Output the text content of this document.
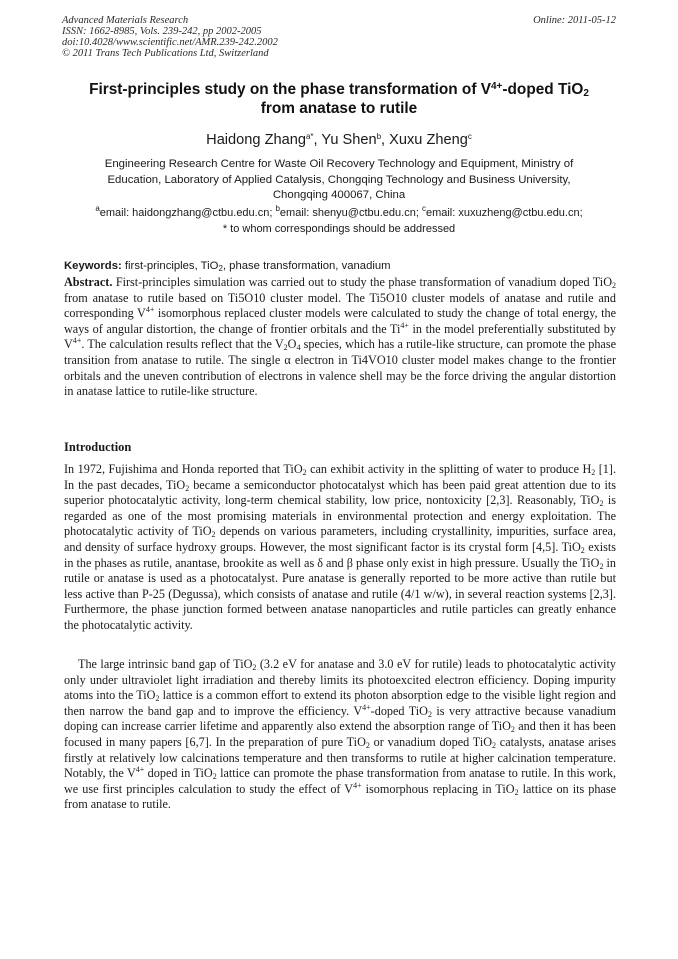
Advanced Materials Research
ISSN: 1662-8985, Vols. 239-242, pp 2002-2005
doi:10.4028/www.scientific.net/AMR.239-242.2002
© 2011 Trans Tech Publications Ltd, Switzerland
Online: 2011-05-12
First-principles study on the phase transformation of $V^{4+}$-doped TiO$_2$
from anatase to rutile
Haidong Zhang$^{a*}$, Yu Shen$^b$, Xuxu Zheng$^c$
Engineering Research Centre for Waste Oil Recovery Technology and Equipment, Ministry of
Education, Laboratory of Applied Catalysis, Chongqing Technology and Business University,
Chongqing 400067, China
$^a$email: haidongzhang@ctbu.edu.cn; $^b$email: shenyu@ctbu.edu.cn; $^c$email: xuxuzheng@ctbu.edu.cn;
* to whom correspondings should be addressed
Keywords: first-principles, TiO$_2$, phase transformation, vanadium

Abstract. First-principles simulation was carried out to study the phase transformation of vanadium doped TiO$_2$ from anatase to rutile based on Ti5O10 cluster model. The Ti5O10 cluster models of anatase and rutile and corresponding $V^{4+}$ isomorphous replaced cluster models were calculated to study the change of total energy, the ways of angular distortion, the change of frontier orbitals and the $Ti^{4+}$ in the model preferentially substituted by $V^{4+}$. The calculation results reflect that the $V_2O_4$ species, which has a rutile-like structure, can promote the phase transition from anatase to rutile. The single α electron in Ti4VO10 cluster model makes change to the frontier orbitals and the uneven contribution of electrons in valence shell may be the force driving the angular distortion in anatase lattice to rutile-like structure.

Introduction

In 1972, Fujishima and Honda reported that TiO$_2$ can exhibit activity in the splitting of water to produce $H_2$ [1]. In the past decades, TiO$_2$ became a semiconductor photocatalyst which has been paid great attention due to its superior photocatalytic activity, long-term chemical stability, low price, nontoxicity [2,3]. Reasonably, TiO$_2$ is regarded as one of the most promising materials in environmental protection and energy exploitation. The photocatalytic activity of TiO$_2$ depends on various parameters, including crystallinity, impurities, surface area, and density of surface hydroxy groups. However, the most significant factor is its crystal form [4,5]. TiO$_2$ exists in the phases as rutile, anantase, brookite as well as δ and β phase only exist in high pressure. Usually the TiO$_2$ in rutile or anatase is used as a photocatalyst. Pure anatase is generally reported to be more active than rutile but less active than P-25 (Degussa), which consists of anatase and rutile (4/1 w/w), in several reaction systems [2,3]. Furthermore, the phase junction formed between anatase nanoparticles and rutile particles can greatly enhance the photocatalytic activity.

The large intrinsic band gap of TiO$_2$ (3.2 eV for anatase and 3.0 eV for rutile) leads to photocatalytic activity only under ultraviolet light irradiation and thereby limits its photoexcited electron efficiency. Doping impurity atoms into the TiO$_2$ lattice is a common effort to extend its photon absorption edge to the visible light region and then narrow the band gap and to improve the efficiency. $V^{4+}$-doped TiO$_2$ is very attractive because vanadium doping can increase carrier lifetime and apparently also extend the absorption range of TiO$_2$ and then it has been focused in many papers [6,7]. In the preparation of pure TiO$_2$ or vanadium doped TiO$_2$ catalysts, anatase arises firstly at relatively low calcinations temperature and then transforms to rutile at higher calcination temperature. Notably, the $V^{4+}$ doped in TiO$_2$ lattice can promote the phase transformation from anatase to rutile. In this work, we use first principles calculation to study the effect of $V^{4+}$ isomorphous replacing in TiO$_2$ lattice on its phase from anatase to rutile.
